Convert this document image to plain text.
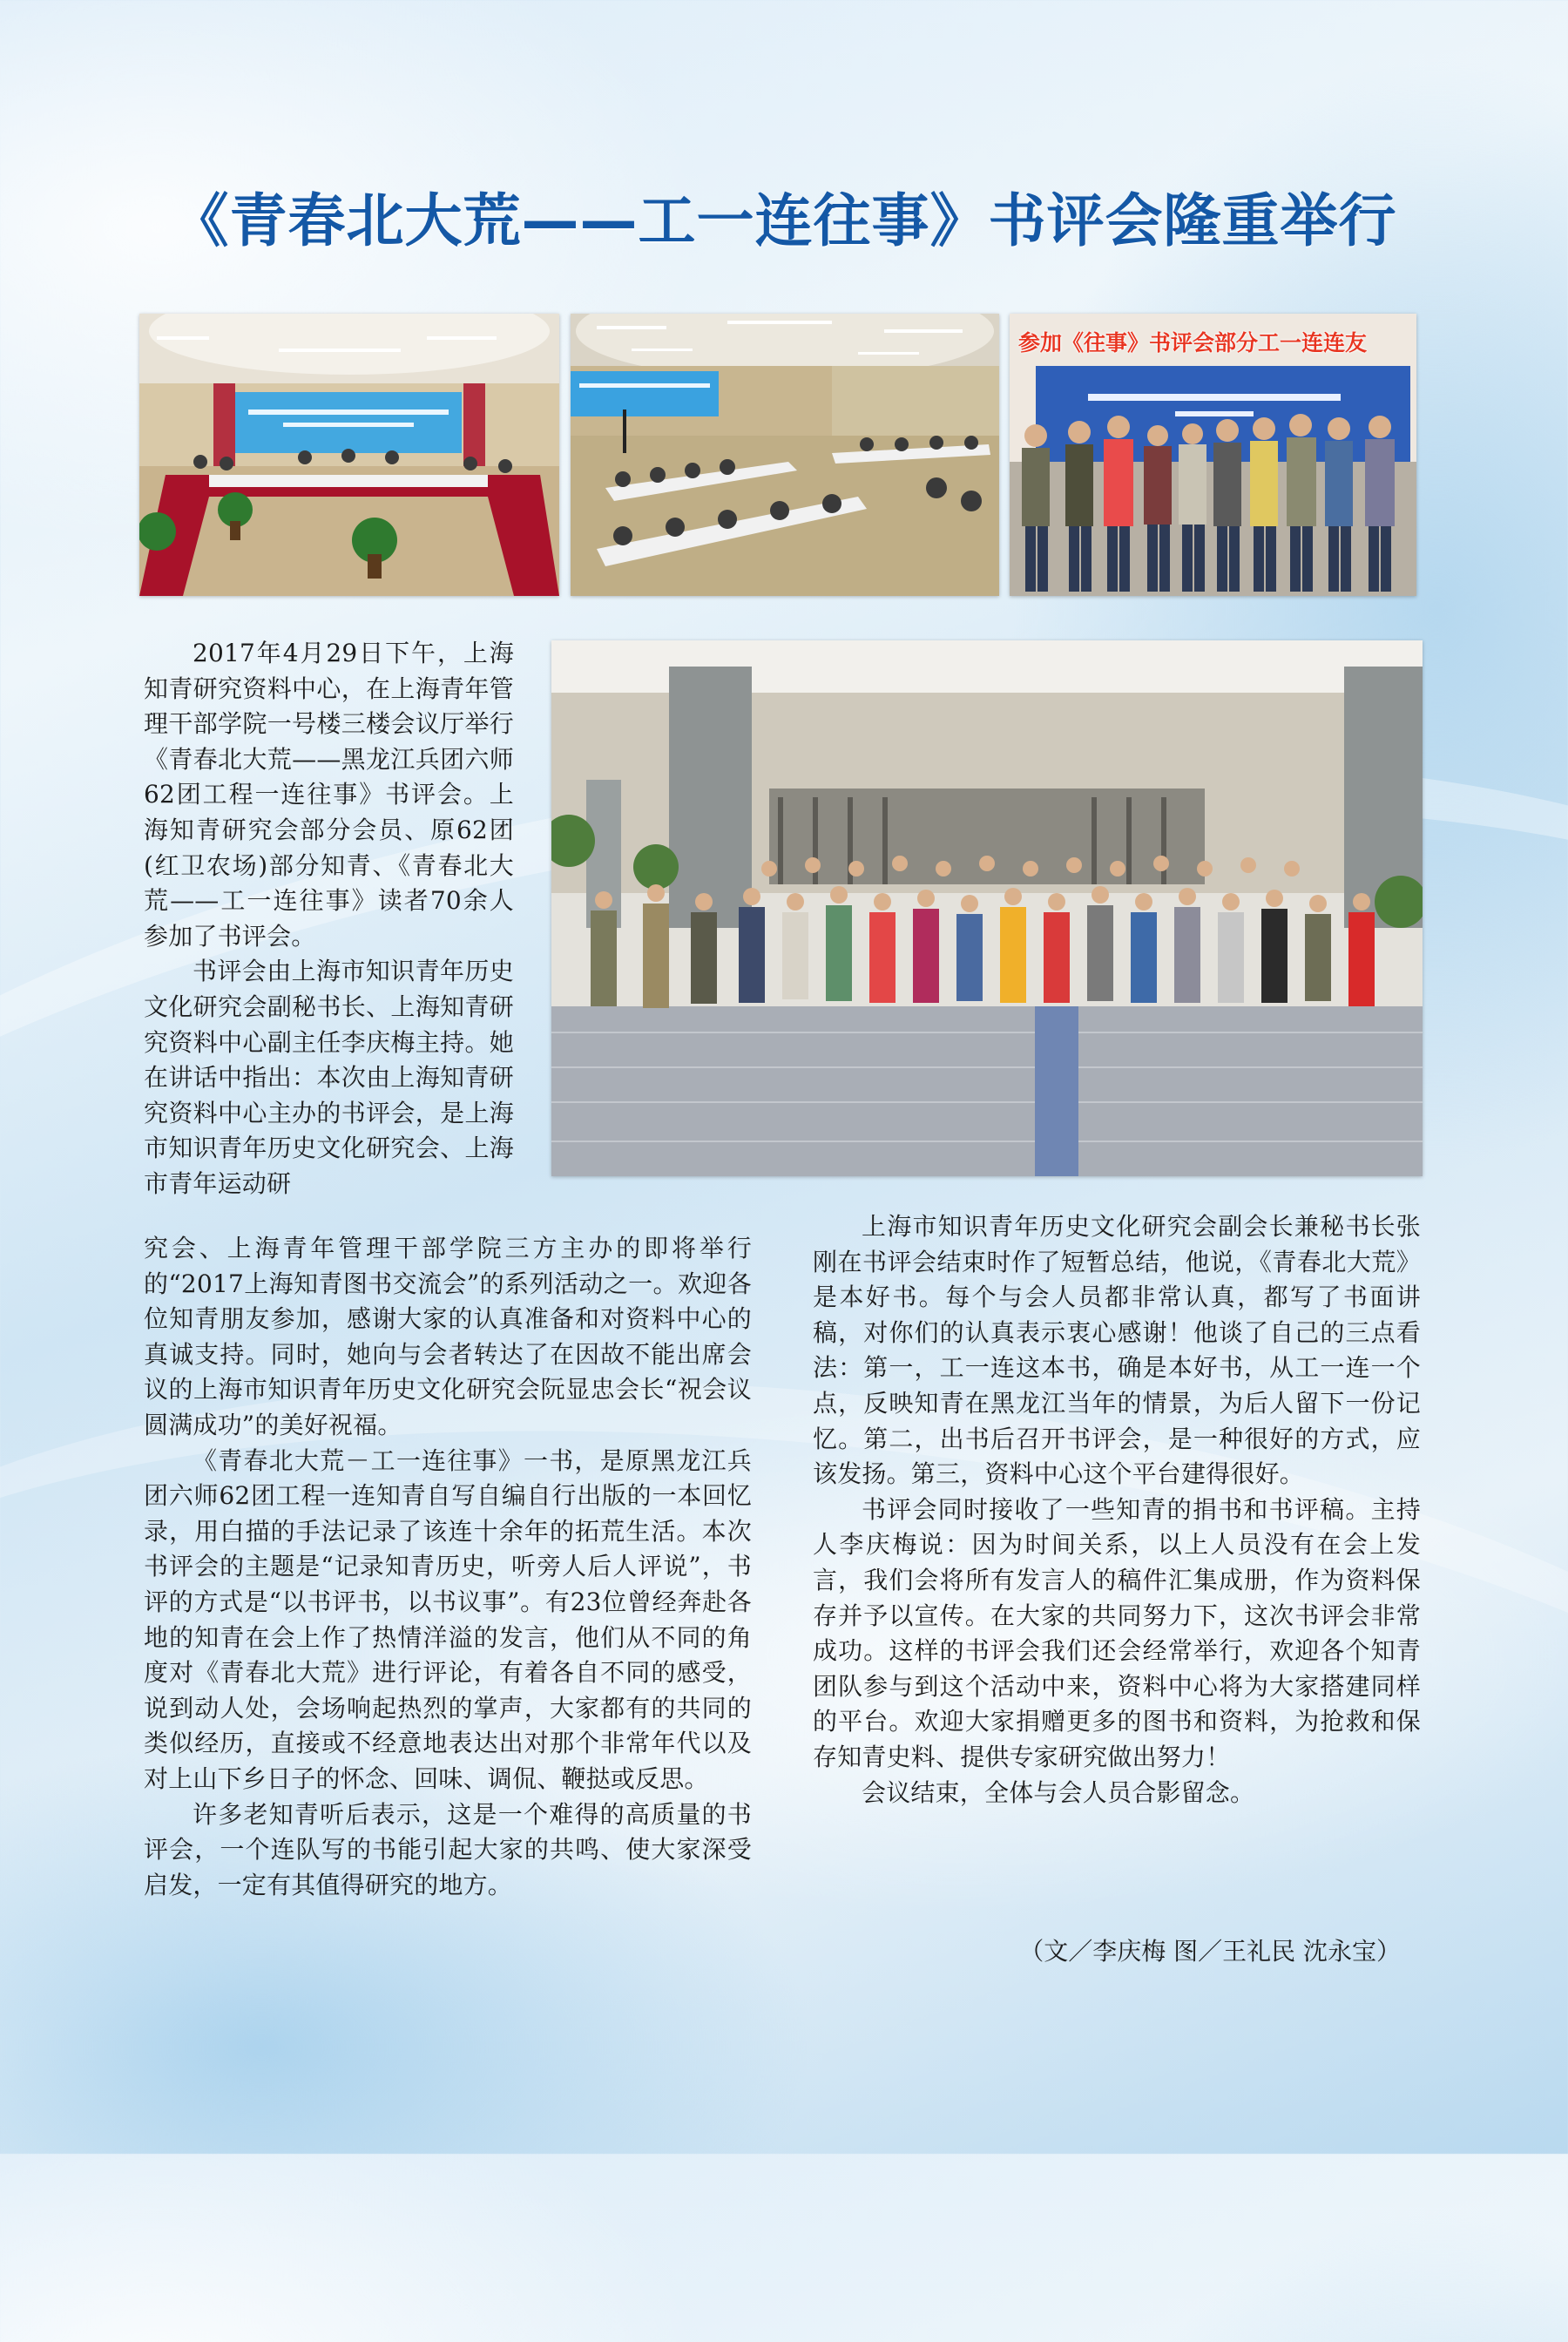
《青春北大荒——工一连往事》书评会隆重举行
参加《往事》书评会部分工一连连友

2017年4月29日下午，上海知青研究资料中心，在上海青年管理干部学院一号楼三楼会议厅举行《青春北大荒——黑龙江兵团六师62团工程一连往事》书评会。上海知青研究会部分会员、原62团(红卫农场)部分知青、《青春北大荒——工一连往事》读者70余人参加了书评会。

书评会由上海市知识青年历史文化研究会副秘书长、上海知青研究资料中心副主任李庆梅主持。她在讲话中指出：本次由上海知青研究资料中心主办的书评会，是上海市知识青年历史文化研究会、上海市青年运动研

究会、上海青年管理干部学院三方主办的即将举行的“2017上海知青图书交流会”的系列活动之一。欢迎各位知青朋友参加，感谢大家的认真准备和对资料中心的真诚支持。同时，她向与会者转达了在因故不能出席会议的上海市知识青年历史文化研究会阮显忠会长“祝会议圆满成功”的美好祝福。

《青春北大荒－工一连往事》一书，是原黑龙江兵团六师62团工程一连知青自写自编自行出版的一本回忆录，用白描的手法记录了该连十余年的拓荒生活。本次书评会的主题是“记录知青历史，听旁人后人评说”，书评的方式是“以书评书，以书议事”。有23位曾经奔赴各地的知青在会上作了热情洋溢的发言，他们从不同的角度对《青春北大荒》进行评论，有着各自不同的感受，说到动人处，会场响起热烈的掌声，大家都有的共同的类似经历，直接或不经意地表达出对那个非常年代以及对上山下乡日子的怀念、回味、调侃、鞭挞或反思。

许多老知青听后表示，这是一个难得的高质量的书评会，一个连队写的书能引起大家的共鸣、使大家深受启发，一定有其值得研究的地方。

上海市知识青年历史文化研究会副会长兼秘书长张刚在书评会结束时作了短暂总结，他说，《青春北大荒》是本好书。每个与会人员都非常认真，都写了书面讲稿，对你们的认真表示衷心感谢！他谈了自己的三点看法：第一，工一连这本书，确是本好书，从工一连一个点，反映知青在黑龙江当年的情景，为后人留下一份记忆。第二，出书后召开书评会，是一种很好的方式，应该发扬。第三，资料中心这个平台建得很好。

书评会同时接收了一些知青的捐书和书评稿。主持人李庆梅说：因为时间关系，以上人员没有在会上发言，我们会将所有发言人的稿件汇集成册，作为资料保存并予以宣传。在大家的共同努力下，这次书评会非常成功。这样的书评会我们还会经常举行，欢迎各个知青团队参与到这个活动中来，资料中心将为大家搭建同样的平台。欢迎大家捐赠更多的图书和资料，为抢救和保存知青史料、提供专家研究做出努力！

会议结束，全体与会人员合影留念。

（文／李庆梅 图／王礼民 沈永宝）
